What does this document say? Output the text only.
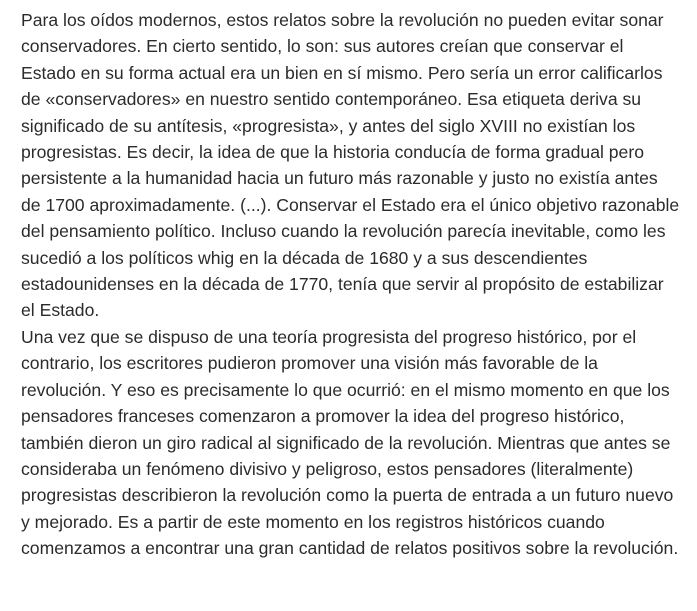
Para los oídos modernos, estos relatos sobre la revolución no pueden evitar sonar conservadores. En cierto sentido, lo son: sus autores creían que conservar el Estado en su forma actual era un bien en sí mismo. Pero sería un error calificarlos de «conservadores» en nuestro sentido contemporáneo. Esa etiqueta deriva su significado de su antítesis, «progresista», y antes del siglo XVIII no existían los progresistas. Es decir, la idea de que la historia conducía de forma gradual pero persistente a la humanidad hacia un futuro más razonable y justo no existía antes de 1700 aproximadamente. (...). Conservar el Estado era el único objetivo razonable del pensamiento político. Incluso cuando la revolución parecía inevitable, como les sucedió a los políticos whig en la década de 1680 y a sus descendientes estadounidenses en la década de 1770, tenía que servir al propósito de estabilizar el Estado.

Una vez que se dispuso de una teoría progresista del progreso histórico, por el contrario, los escritores pudieron promover una visión más favorable de la revolución. Y eso es precisamente lo que ocurrió: en el mismo momento en que los pensadores franceses comenzaron a promover la idea del progreso histórico, también dieron un giro radical al significado de la revolución. Mientras que antes se consideraba un fenómeno divisivo y peligroso, estos pensadores (literalmente) progresistas describieron la revolución como la puerta de entrada a un futuro nuevo y mejorado. Es a partir de este momento en los registros históricos cuando comenzamos a encontrar una gran cantidad de relatos positivos sobre la revolución.
